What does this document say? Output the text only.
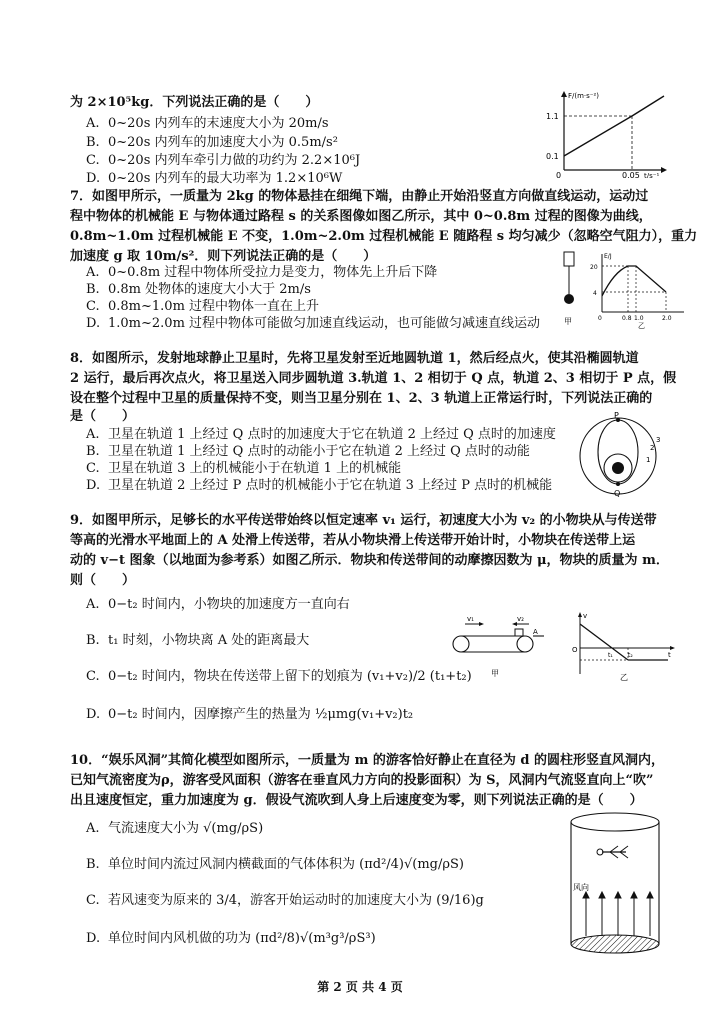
为 2×10⁵kg．下列说法正确的是（　　）
A. 0~20s 内列车的末速度大小为 20m/s
B. 0~20s 内列车的加速度大小为 0.5m/s²
C. 0~20s 内列车牵引力做的功约为 2.2×10⁶J
D. 0~20s 内列车的最大功率为 1.2×10⁶W
F/(m·s⁻²)
1.1
0.1
0	0.05 t/s⁻¹
7．如图甲所示，一质量为 2kg 的物体悬挂在细绳下端，由静止开始沿竖直方向做直线运动，运动过
程中物体的机械能 E 与物体通过路程 s 的关系图像如图乙所示，其中 0~0.8m 过程的图像为曲线，
0.8m~1.0m 过程机械能 E 不变，1.0m~2.0m 过程机械能 E 随路程 s 均匀减少（忽略空气阻力），重力
加速度 g 取 10m/s²．则下列说法正确的是（　　）
A. 0~0.8m 过程中物体所受拉力是变力，物体先上升后下降
B. 0.8m 处物体的速度大小大于 2m/s
C. 0.8m~1.0m 过程中物体一直在上升
D. 1.0m~2.0m 过程中物体可能做匀加速直线运动，也可能做匀减速直线运动	甲
E/J
20
4
0	0.8 1.0	2.0
乙
8．如图所示，发射地球静止卫星时，先将卫星发射至近地圆轨道 1，然后经点火，使其沿椭圆轨道
2 运行，最后再次点火，将卫星送入同步圆轨道 3.轨道 1、2 相切于 Q 点，轨道 2、3 相切于 P 点，假
设在整个过程中卫星的质量保持不变，则当卫星分别在 1、2、3 轨道上正常运行时，下列说法正确的
是（　　）
A. 卫星在轨道 1 上经过 Q 点时的加速度大于它在轨道 2 上经过 Q 点时的加速度
B. 卫星在轨道 1 上经过 Q 点时的动能小于它在轨道 2 上经过 Q 点时的动能
C. 卫星在轨道 3 上的机械能小于在轨道 1 上的机械能
D. 卫星在轨道 2 上经过 P 点时的机械能小于它在轨道 3 上经过 P 点时的机械能
P
Q
1
2
3
9．如图甲所示，足够长的水平传送带始终以恒定速率 v₁ 运行，初速度大小为 v₂ 的小物块从与传送带
等高的光滑水平地面上的 A 处滑上传送带，若从小物块滑上传送带开始计时，小物块在传送带上运
动的 v−t 图象（以地面为参考系）如图乙所示．物块和传送带间的动摩擦因数为 μ，物块的质量为 m．
则（　　）
A. 0−t₂ 时间内，小物块的加速度方一直向右
B. t₁ 时刻，小物块离 A 处的距离最大
C. 0−t₂ 时间内，物块在传送带上留下的划痕为 (v₁+v₂)/2 (t₁+t₂)
D. 0−t₂ 时间内，因摩擦产生的热量为 ½μmg(v₁+v₂)t₂
v₁	v₂
A
甲
v
O
t
t₁	t₂
乙
10．“娱乐风洞”其简化模型如图所示，一质量为 m 的游客恰好静止在直径为 d 的圆柱形竖直风洞内，
已知气流密度为ρ，游客受风面积（游客在垂直风力方向的投影面积）为 S，风洞内气流竖直向上“吹”
出且速度恒定，重力加速度为 g．假设气流吹到人身上后速度变为零，则下列说法正确的是（　　）
A. 气流速度大小为 √(mg/ρS)
B. 单位时间内流过风洞内横截面的气体体积为 (πd²/4)√(mg/ρS)
C. 若风速变为原来的 3/4，游客开始运动时的加速度大小为 (9/16)g
D. 单位时间内风机做的功为 (πd²/8)√(m³g³/ρS³)
风向
第 2 页 共 4 页
